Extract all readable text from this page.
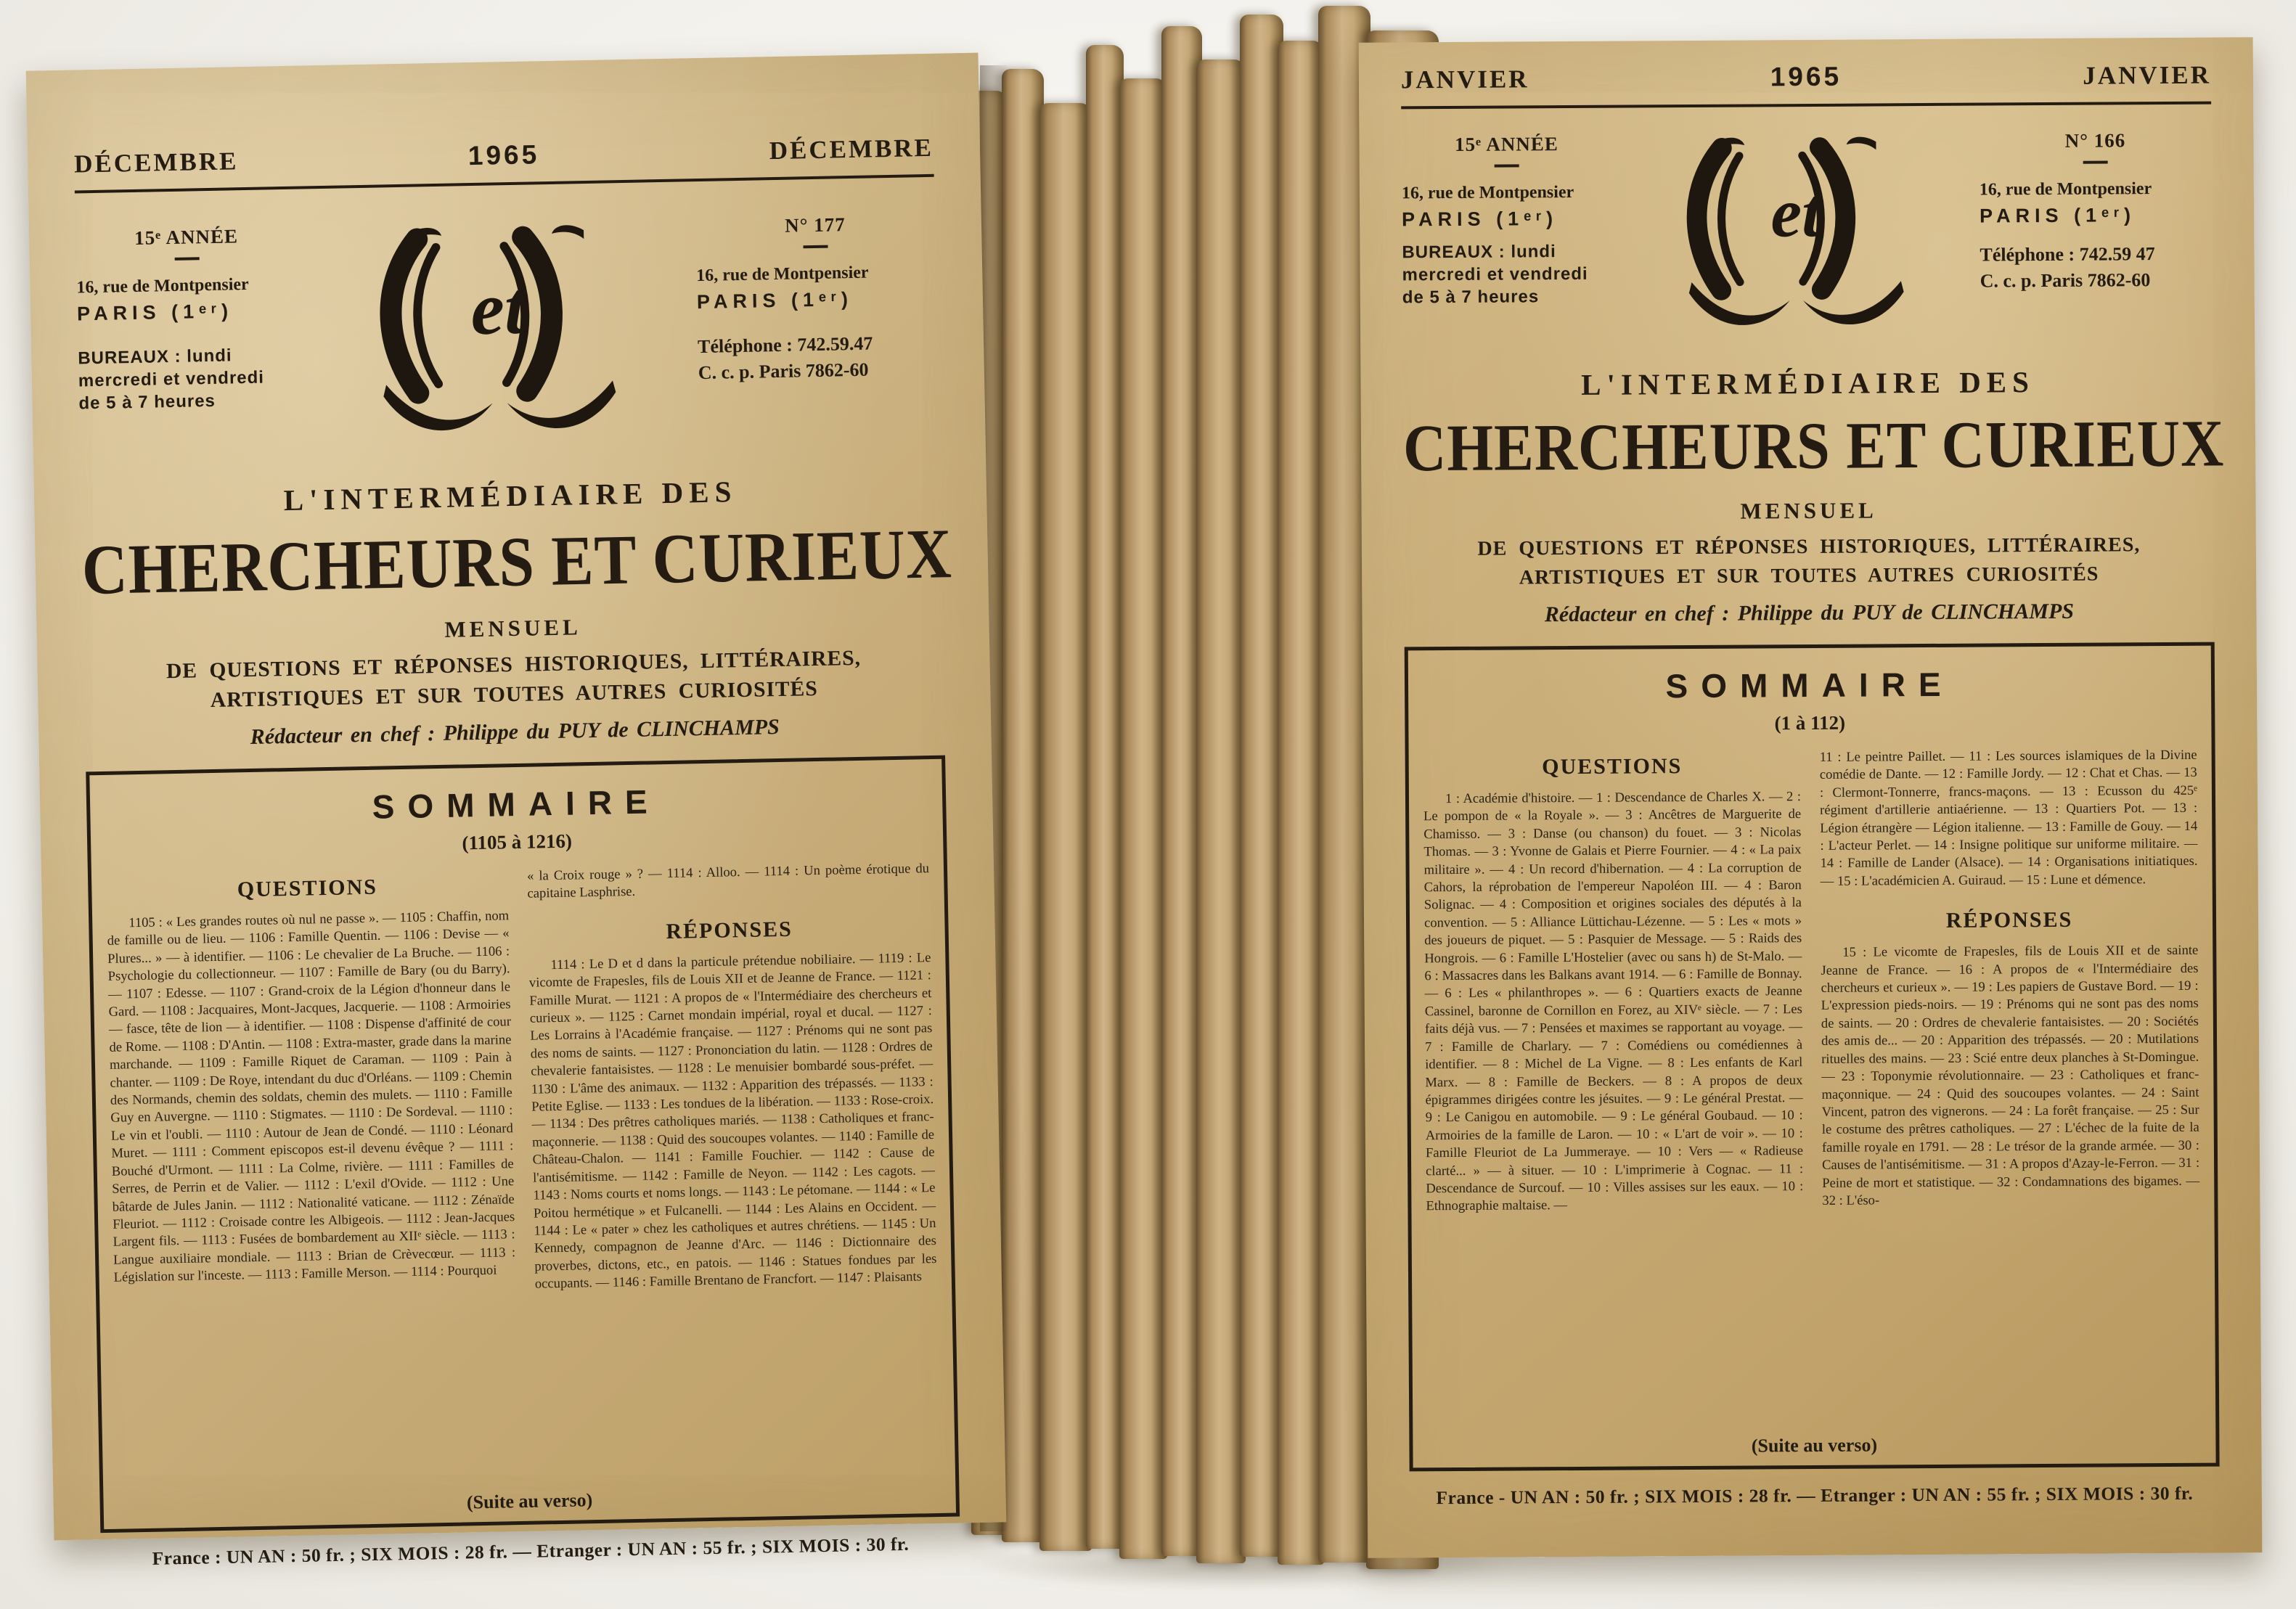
DÉCEMBRE	1965	DÉCEMBRE
15ᵉ ANNÉE
16, rue de Montpensier
PARIS (1ᵉʳ)
BUREAUX : lundi
mercredi et vendredi
de 5 à 7 heures
et
N° 177
16, rue de Montpensier
PARIS (1ᵉʳ)
Téléphone : 742.59.47
C. c. p. Paris 7862-60
L'INTERMÉDIAIRE DES
CHERCHEURS ET CURIEUX
MENSUEL
DE QUESTIONS ET RÉPONSES HISTORIQUES, LITTÉRAIRES,
ARTISTIQUES ET SUR TOUTES AUTRES CURIOSITÉS
Rédacteur en chef : Philippe du PUY de CLINCHAMPS
SOMMAIRE
(1105 à 1216)
QUESTIONS
1105 : « Les grandes routes où nul ne passe ». — 1105 : Chaffin, nom de famille ou de lieu. — 1106 : Famille Quentin. — 1106 : Devise — « Plures... » — à identifier. — 1106 : Le chevalier de La Bruche. — 1106 : Psychologie du collectionneur. — 1107 : Famille de Bary (ou du Barry). — 1107 : Edesse. — 1107 : Grand-croix de la Légion d'honneur dans le Gard. — 1108 : Jacquaires, Mont-Jacques, Jacquerie. — 1108 : Armoiries — fasce, tête de lion — à identifier. — 1108 : Dispense d'affinité de cour de Rome. — 1108 : D'Antin. — 1108 : Extra-master, grade dans la marine marchande. — 1109 : Famille Riquet de Caraman. — 1109 : Pain à chanter. — 1109 : De Roye, intendant du duc d'Orléans. — 1109 : Chemin des Normands, chemin des soldats, chemin des mulets. — 1110 : Famille Guy en Auvergne. — 1110 : Stigmates. — 1110 : De Sordeval. — 1110 : Le vin et l'oubli. — 1110 : Autour de Jean de Condé. — 1110 : Léonard Muret. — 1111 : Comment episcopos est-il devenu évêque ? — 1111 : Bouché d'Urmont. — 1111 : La Colme, rivière. — 1111 : Familles de Serres, de Perrin et de Valier. — 1112 : L'exil d'Ovide. — 1112 : Une bâtarde de Jules Janin. — 1112 : Nationalité vaticane. — 1112 : Zénaïde Fleuriot. — 1112 : Croisade contre les Albigeois. — 1112 : Jean-Jacques Largent fils. — 1113 : Fusées de bombardement au XIIᵉ siècle. — 1113 : Langue auxiliaire mondiale. — 1113 : Brian de Crèvecœur. — 1113 : Législation sur l'inceste. — 1113 : Famille Merson. — 1114 : Pourquoi
« la Croix rouge » ? — 1114 : Alloo. — 1114 : Un poème érotique du capitaine Lasphrise.
RÉPONSES
1114 : Le D et d dans la particule prétendue nobiliaire. — 1119 : Le vicomte de Frapesles, fils de Louis XII et de Jeanne de France. — 1121 : Famille Murat. — 1121 : A propos de « l'Intermédiaire des chercheurs et curieux ». — 1125 : Carnet mondain impérial, royal et ducal. — 1127 : Les Lorrains à l'Académie française. — 1127 : Prénoms qui ne sont pas des noms de saints. — 1127 : Prononciation du latin. — 1128 : Ordres de chevalerie fantaisistes. — 1128 : Le menuisier bombardé sous-préfet. — 1130 : L'âme des animaux. — 1132 : Apparition des trépassés. — 1133 : Petite Eglise. — 1133 : Les tondues de la libération. — 1133 : Rose-croix. — 1134 : Des prêtres catholiques mariés. — 1138 : Catholiques et franc-maçonnerie. — 1138 : Quid des soucoupes volantes. — 1140 : Famille de Château-Chalon. — 1141 : Famille Fouchier. — 1142 : Cause de l'antisémitisme. — 1142 : Famille de Neyon. — 1142 : Les cagots. — 1143 : Noms courts et noms longs. — 1143 : Le pétomane. — 1144 : « Le Poitou hermétique » et Fulcanelli. — 1144 : Les Alains en Occident. — 1144 : Le « pater » chez les catholiques et autres chrétiens. — 1145 : Un Kennedy, compagnon de Jeanne d'Arc. — 1146 : Dictionnaire des proverbes, dictons, etc., en patois. — 1146 : Statues fondues par les occupants. — 1146 : Famille Brentano de Francfort. — 1147 : Plaisants
(Suite au verso)
France : UN AN : 50 fr. ; SIX MOIS : 28 fr. — Etranger : UN AN : 55 fr. ; SIX MOIS : 30 fr.
JANVIER	1965	JANVIER
15ᵉ ANNÉE
16, rue de Montpensier
PARIS (1ᵉʳ)
BUREAUX : lundi
mercredi et vendredi
de 5 à 7 heures
et
N° 166
16, rue de Montpensier
PARIS (1ᵉʳ)
Téléphone : 742.59 47
C. c. p. Paris 7862-60
L'INTERMÉDIAIRE DES
CHERCHEURS ET CURIEUX
MENSUEL
DE QUESTIONS ET RÉPONSES HISTORIQUES, LITTÉRAIRES,
ARTISTIQUES ET SUR TOUTES AUTRES CURIOSITÉS
Rédacteur en chef : Philippe du PUY de CLINCHAMPS
SOMMAIRE
(1 à 112)
QUESTIONS
1 : Académie d'histoire. — 1 : Descendance de Charles X. — 2 : Le pompon de « la Royale ». — 3 : Ancêtres de Marguerite de Chamisso. — 3 : Danse (ou chanson) du fouet. — 3 : Nicolas Thomas. — 3 : Yvonne de Galais et Pierre Fournier. — 4 : « La paix militaire ». — 4 : Un record d'hibernation. — 4 : La corruption de Cahors, la réprobation de l'empereur Napoléon III. — 4 : Baron Solignac. — 4 : Composition et origines sociales des députés à la convention. — 5 : Alliance Lüttichau-Lézenne. — 5 : Les « mots » des joueurs de piquet. — 5 : Pasquier de Message. — 5 : Raids des Hongrois. — 6 : Famille L'Hostelier (avec ou sans h) de St-Malo. — 6 : Massacres dans les Balkans avant 1914. — 6 : Famille de Bonnay. — 6 : Les « philanthropes ». — 6 : Quartiers exacts de Jeanne Cassinel, baronne de Cornillon en Forez, au XIVᵉ siècle. — 7 : Les faits déjà vus. — 7 : Pensées et maximes se rapportant au voyage. — 7 : Famille de Charlary. — 7 : Comédiens ou comédiennes à identifier. — 8 : Michel de La Vigne. — 8 : Les enfants de Karl Marx. — 8 : Famille de Beckers. — 8 : A propos de deux épigrammes dirigées contre les jésuites. — 9 : Le général Prestat. — 9 : Le Canigou en automobile. — 9 : Le général Goubaud. — 10 : Armoiries de la famille de Laron. — 10 : « L'art de voir ». — 10 : Famille Fleuriot de La Jummeraye. — 10 : Vers — « Radieuse clarté... » — à situer. — 10 : L'imprimerie à Cognac. — 11 : Descendance de Surcouf. — 10 : Villes assises sur les eaux. — 10 : Ethnographie maltaise. —
11 : Le peintre Paillet. — 11 : Les sources islamiques de la Divine comédie de Dante. — 12 : Famille Jordy. — 12 : Chat et Chas. — 13 : Clermont-Tonnerre, francs-maçons. — 13 : Ecusson du 425ᵉ régiment d'artillerie antiaérienne. — 13 : Quartiers Pot. — 13 : Légion étrangère — Légion italienne. — 13 : Famille de Gouy. — 14 : L'acteur Perlet. — 14 : Insigne politique sur uniforme militaire. — 14 : Famille de Lander (Alsace). — 14 : Organisations initiatiques. — 15 : L'académicien A. Guiraud. — 15 : Lune et démence.
RÉPONSES
15 : Le vicomte de Frapesles, fils de Louis XII et de sainte Jeanne de France. — 16 : A propos de « l'Intermédiaire des chercheurs et curieux ». — 19 : Les papiers de Gustave Bord. — 19 : L'expression pieds-noirs. — 19 : Prénoms qui ne sont pas des noms de saints. — 20 : Ordres de chevalerie fantaisistes. — 20 : Sociétés des amis de... — 20 : Apparition des trépassés. — 20 : Mutilations rituelles des mains. — 23 : Scié entre deux planches à St-Domingue. — 23 : Toponymie révolutionnaire. — 23 : Catholiques et franc-maçonnique. — 24 : Quid des soucoupes volantes. — 24 : Saint Vincent, patron des vignerons. — 24 : La forêt française. — 25 : Sur le costume des prêtres catholiques. — 27 : L'échec de la fuite de la famille royale en 1791. — 28 : Le trésor de la grande armée. — 30 : Causes de l'antisémitisme. — 31 : A propos d'Azay-le-Ferron. — 31 : Peine de mort et statistique. — 32 : Condamnations des bigames. — 32 : L'éso-
(Suite au verso)
France - UN AN : 50 fr. ; SIX MOIS : 28 fr. — Etranger : UN AN : 55 fr. ; SIX MOIS : 30 fr.
